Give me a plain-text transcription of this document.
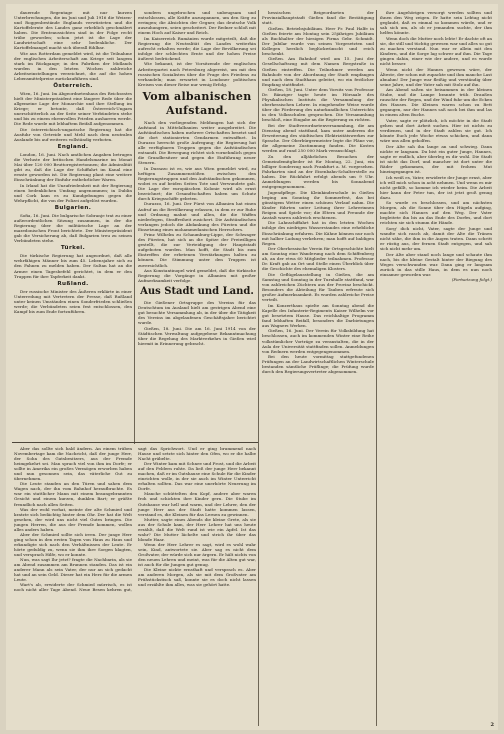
dauernde Regentage mit nur kurzen Unterbrechungen, die im Juni und Juli 1916 die Weizen- und Roggenbestände Englands verwüsteten und die Kartoffelernte des Landes ganz erheblich geschmälert haben. Die Ernteaussichten sind in der Folge recht trübe geworden; schon jetzt ist die Lage der Landwirtschaft eine sehr bedenkliche. Der Kartoffelmangel macht sich überall fühlbar.

Wie aus Rotterdam gemeldet wird, ist die Teilnahme der englischen Arbeiterschaft am Kriege seit langem stark im Rückgange; in den Fabriken der Midlands wurden in den letzten Wochen zahlreiche Arbeitseinstellungen verzeichnet, die auf die hohen Lebensmittelpreise zurückzuführen sind.

Österreich.

Wien, 16. Juni. Im Abgeordnetenhaus des Reichsrates hielt der Ministerpräsident eine längere Rede über die allgemeine Lage der Monarchie und ihre Stellung im Kriege; er betonte, daß Österreich-Ungarn unerschütterlich an der Seite seiner Verbündeten stehe und bis zu einem ehrenvollen Frieden ausharren werde. Die Rede wurde mit lebhaftem Beifall aufgenommen.

Die österreichisch-ungarische Regierung hat die Ausfuhr von Getreide und Mehl nach dem neutralen Auslande bis auf weiteres vollständig verboten.

England.

London, 16. Juni. Nach amtlichen Angaben betrugen die Verluste der britischen Handelsmarine im Monat Mai über 120 000 Bruttoregistertonnen; die Admiralität gibt zu, daß die Lage der Schiffahrt im Kanal eine ernste geworden ist. Die Regierung plant eine weitere Einschränkung der Einfuhr entbehrlicher Waren.

In Irland hat die Unzufriedenheit mit der Regierung einen bedenklichen Umfang angenommen; in Dublin und Cork kam es zu Kundgebungen gegen die Wehrpflicht, die von der Polizei aufgelöst wurden.

Bulgarien.

Sofia, 16. Juni. Die bulgarische Sobranje trat zu einer außerordentlichen Sitzung zusammen, in der die Regierung über die militärische Lage an der mazedonischen Front berichtete. Der Ministerpräsident gab die Versicherung ab, daß Bulgarien treu zu seinen Verbündeten stehe.

Türkei.

Die türkische Regierung hat angeordnet, daß alle wehrfähigen Männer bis zum 45. Lebensjahre sich zu den Fahnen zu melden haben. Der Sultan hat an die Armee einen Tagesbefehl gerichtet, in dem er den Truppen für ihre Tapferkeit dankt.

Rußland.

Der russische Minister des Äußeren erklärte in einer Unterredung mit Vertretern der Presse, daß Rußland unter keinen Umständen einen Sonderfrieden schließen werde; die Verbündeten seien fest entschlossen, den Kampf bis zum Ende fortzuführen.

sondern ungebrochen und unbeugsam und entschlossen, alle Kräfte anzuspannen, um den Sieg zu erringen; die Absichten der Gegner, das deutsche Volk auszuhungern, seien gescheitert. Der Redner schloß mit einem Hoch auf Kaiser und Reich.

Im Kaiserreich Rumänien wurde mitgeteilt, daß die Regierung die Neutralität des Landes weiterhin aufrecht erhalten werde; die Lage der Bevölkerung sei infolge der schlechten Ernte und der hohen Preise äußerst bedrückend.

Wie bekannt, ist der Vorsitzende der englischen Arbeiterpartei nach Petersburg abgereist, um mit den russischen Sozialisten über die Frage des Friedens zu verhandeln; man erwartet in Londoner politischen Kreisen von dieser Reise nur wenig Erfolg.

Vom albanischen Aufstand.

Nach den vorliegenden Meldungen hat sich der Aufstand in Mittelalbanien weiter ausgebreitet. Die Aufständischen haben mehrere Ortschaften besetzt und die dort stationierten Gendarmen entwaffnet. In Durazzo herrscht große Aufregung; die Regierung hat alle verfügbaren Truppen gegen die Aufständischen entsandt. Die Bewegung richtet sich vornehmlich gegen die Grundbesitzer und gegen die Einführung neuer Steuern.

In Durazzo ist es, wie aus Wien gemeldet wird, zu heftigen Zusammenstößen zwischen den Regierungstruppen und den Aufständischen gekommen, wobei es auf beiden Seiten Tote und Verwundete gab. Die Lage der europäischen Kolonie wird als ernst bezeichnet; die Gesandtschaften haben um Schutz durch Kriegsschiffe gebeten.

Durazzo, 16. Juni. Der Fürst von Albanien hat einen Aufruf an die Bevölkerung erlassen, in dem er zur Ruhe und Ordnung mahnt und allen, die die Waffen niederlegen, Straffreiheit zusichert. Die Aufständischen verlangen jedoch die Abdankung des Fürsten und die Einsetzung eines mohammedanischen Herrschers.

Prinz Wilhelm zu Schaumburg-Lippe, der Schwager des Fürsten, hat sich an die Spitze der Freiwilligen gestellt, die zur Verteidigung der Hauptstadt aufgeboten wurden. Man hofft, die Stadt bis zum Eintreffen der erbetenen Verstärkungen halten zu können. Die Stimmung unter den Truppen ist zuversichtlich.

Aus Konstantinopel wird gemeldet, daß die türkische Regierung die Vorgänge in Albanien mit großer Aufmerksamkeit verfolge.

Aus Stadt und Land.

Die Gießener Ortsgruppe des Vereins für das Deutschtum im Ausland hielt am gestrigen Abend eine gut besuchte Versammlung ab, in der über die Tätigkeit des Vereins im abgelaufenen Geschäftsjahre berichtet wurde.

Gießen, 18. Juni. Die am 16. Juni 1914 von der Städtischen Verwaltung aufgegebene Bekanntmachung über die Regelung des Marktverkehrs in Gießen wird hiermit in Erinnerung gebracht.

hessischen Beigeordneten der Provinzialhauptstadt Gießen fand die Bestätigung statt.

Gießen. Betriebsjubiläum. Herr Fr. Paul Halfe in Gießen feierte am Montag sein 25jähriges Jubiläum als Buchhalter der hiesigen Firma Gebr. Schmidt. Der Jubilar wurde von seinen Vorgesetzten und Kollegen herzlich beglückwünscht und reich beschenkt.

Gießen. Am Bahnhof wird am 15. Juni der Gesellschaftszug mit dem Namen Bergstraße in Gießen eintreffen. Die Teilnehmer werden am Bahnhofe von der Abordnung der Stadt empfangen und nach dem Stadthaus geleitet, wo ein festlicher Empfang stattfindet.

Gießen, 18. Juni. Unter dem Vorsitz von Professor Dr. Bänziger tagte heute im Hörsaale des Physikalischen Instituts die Versammlung der oberhessischen Lehrer. In eingehender Weise wurde über die Förderung des naturkundlichen Unterrichts in den Volksschulen gesprochen. Die Versammlung beschloß, eine Eingabe an die Regierung zu richten.

Bei der Stadtverordnetenversammlung, die am Dienstag abend stattfand, kam unter anderem die Erweiterung des städtischen Elektrizitätswerkes zur Sprache. Der Oberbürgermeister legte die Pläne vor, die allgemeine Zustimmung fanden. Die Kosten werden auf rund 250 000 Mark veranschlagt.

Zu den alljährlichen Besuchen der Gemeindemitglieder ist für Montag, 22. Juni, ein billiger Sonderzug nach Frankfurt a. M. vorgesehen. Fahrkarten sind an der Eisenbahn-Schalterstelle zu haben. Die Rückfahrt erfolgt abends um 9 Uhr. Anmeldungen werden bis Sonnabend entgegengenommen.

Jugendpflege. Die Kleinkinderschule in Gießen beging am Sonntag ihr Sommerfest, das bei günstigem Wetter einen schönen Verlauf nahm. Die Kinder führten unter Leitung ihrer Lehrerinnen Reigen und Spiele vor; die Eltern und Freunde der Anstalt waren zahlreich erschienen.

Die Lahnschiffahrt hat in den letzten Wochen infolge des niedrigen Wasserstandes eine erhebliche Einschränkung erfahren. Die Kähne können nur noch mit halber Ladung verkehren; man hofft auf baldigen Regen.

Der Oberhessische Verein für Ortsgeschichte hielt am Sonntag eine Wanderung nach dem Schiffenberg ab, an der etwa 60 Mitglieder teilnahmen. Professor Dr. Kraft gab an Ort und Stelle einen Überblick über die Geschichte des ehemaligen Klosters.

Die Geflügelausstellung in Gießen, die am Samstag und Sonntag in der Turnhalle stattfand, war von zahlreichen Züchtern aus der Provinz beschickt. Besonders die Abteilung für Tauben erfreute sich großer Aufmerksamkeit. Es wurden zahlreiche Preise verteilt.

Im Konzerthaus spielte am Sonntag abend die Kapelle des Infanterie-Regiments Kaiser Wilhelm vor gut besetztem Hause. Das reichhaltige Programm fand lebhaften Beifall, besonders die Darbietungen aus Wagners Werken.

Gießen, 16. Juni. Der Verein für Volksbildung hat beschlossen, auch im kommenden Winter eine Reihe volkstümlicher Vorträge zu veranstalten, die in der Aula der Universität stattfinden sollen. Anmeldungen von Rednern werden entgegengenommen.

Bei den heute vormittag stattgefundenen Prüfungen an der Landwirtschaftlichen Winterschule bestanden sämtliche Prüflinge; die Prüfung wurde durch den Regierungsvertreter abgenommen.

ihre Angehörigen versorgt werden sollten und ihnen den Weg zeigen. Er hatte sein Lebtag nicht geglaubt, daß es einmal so kommen würde, und er sah sich um, als ob er jemanden suchte, der ihm helfen könnte.

Wenn doch die Mutter noch lebte! Er dachte oft an sie, die still und tüchtig gewesen war und alles so gut zu machen verstand. Nun war er allein mit den Kindern, und die Sorge lag schwer auf ihm. Die Tage gingen dahin, einer wie der andere, und es wurde nicht besser.

Wenn nicht der Hannes gewesen wäre, der Älteste, der schon mit zupackte und ihm manche Last abnahm! Der Junge war fleißig und verständig über seine Jahre, und der Vater sah mit Stolz auf ihn.

Am Abend saßen sie beisammen in der kleinen Stube, und die Lampe brannte trüb. Draußen rauschte der Regen, und der Wind fuhr um die Ecken des Hauses. Die Kleinen waren schon zu Bett gegangen, nur der Hannes saß noch bei ihm und las in einem alten Buche.

Vater, sagte er plötzlich, ich möchte in die Stadt gehen und dort Arbeit suchen. Hier ist nichts zu verdienen, und in der Stadt zahlen sie gut. Ich könnte Euch jede Woche etwas schicken, und dann wäre uns allen geholfen.

Der Alte sah ihn lange an und schwieg. Dann nickte er langsam. Du bist ein guter Junge, Hannes, sagte er endlich, aber überleg es dir wohl. Die Stadt ist nicht das Dorf, und mancher ist dort unter die Räder gekommen, der mit frohem Mut hineingegangen ist.

Ich weiß es, Vater, erwiderte der Junge ernst, aber ich will mich schon in acht nehmen. Und wenn es mir nicht gefällt, so komme ich wieder heim. Die Arbeit hier kann der Peter tun, der ist jetzt groß genug dazu.

So wurde es beschlossen, und am nächsten Morgen, als die Sonne über den Hügeln aufging, machte sich Hannes auf den Weg. Der Vater begleitete ihn bis an das Ende des Dorfes, und dort reichten sie sich stumm die Hände.

Sorg' dich nicht, Vater, sagte der Junge und wandte sich rasch ab, damit der Alte die Tränen nicht sähe, die ihm in die Augen traten. Dann schritt er rüstig aus, der fernen Stadt entgegen, und sah sich nicht mehr um.

Der Alte aber stand noch lange und schaute ihm nach, bis die kleine Gestalt hinter der Biegung des Weges verschwunden war. Dann ging er langsam zurück in das stille Haus, in dem es nun noch einsamer geworden war.

(Fortsetzung folgt.)

Aber das sollte sich bald ändern. An einem trüben Novembertage kam die Nachricht, daß der junge Herr, der Sohn des Gutsbesitzers, aus der Fremde heimgekehrt sei. Man sprach viel von ihm im Dorfe; er sollte in Amerika ein großes Vermögen erworben haben und nun gesonnen sein, das väterliche Gut zu übernehmen.

Die Leute standen an den Türen und sahen dem Wagen nach, der ihn vom Bahnhof heraufbrachte. Es war ein stattlicher Mann mit einem braungebrannten Gesicht und einem kurzen, dunklen Bart; er grüßte freundlich nach allen Seiten.

Was der wohl vorhat, meinte der alte Schmied und kratzte sich bedächtig hinter dem Ohr. Der hat die Welt gesehen, der wird uns nicht viel Gutes bringen. Die jungen Herren, die aus der Fremde kommen, wollen alles anders haben.

Aber der Schmied sollte sich irren. Der junge Herr ging schon in den ersten Tagen von Haus zu Haus und erkundigte sich nach den Verhältnissen der Leute. Er hörte geduldig zu, wenn sie ihm ihre Sorgen klagten, und versprach Hilfe, wo er konnte.

Nun, was sagt Ihr jetzt? fragte die Nachbarin, als sie am Abend zusammen am Brunnen standen. Das ist ein anderer Mann als sein Vater, der nur an sich gedacht hat und an sein Geld. Dieser hat ein Herz für die armen Leute.

Wart's ab, erwiderte der Schmied mürrisch, es ist noch nicht aller Tage Abend. Neue Besen kehren gut, sagt das Sprichwort. Und er ging brummend nach Hause und setzte sich hinter den Ofen, wo er die halbe Nacht grübelte.

Der Winter kam mit Schnee und Frost, und die Arbeit auf den Feldern ruhte. Da ließ der junge Herr bekannt machen, daß er im Gutshause eine Schule für die Kinder einrichten wolle, in der sie auch im Winter Unterricht erhalten sollten. Das war eine unerhörte Neuerung im Dorfe.

Manche schüttelten den Kopf, andere aber waren froh und schickten ihre Kinder gern. Die Stube im Gutshause war hell und warm, und der Lehrer, den der junge Herr aus der Stadt hatte kommen lassen, verstand es, die Kleinen für das Lernen zu gewinnen.

Mutter, sagte eines Abends die kleine Grete, als sie aus der Schule kam, der Herr Lehrer hat uns heute erzählt, daß die Welt rund ist wie ein Apfel. Ist das wahr? Die Mutter lächelte und strich ihr über das blonde Haar.

Wenn der Herr Lehrer es sagt, wird es wohl wahr sein, Kind, antwortete sie. Aber sag es nicht dem Großvater, der würde sich nur ärgern. Er hält nichts von den neuen Lehren und meint, was für die Alten gut war, ist auch für die Jungen gut genug.

Die Kleine nickte ernsthaft und versprach es. Aber am anderen Morgen, als sie mit dem Großvater am Frühstückstisch saß, konnte sie es doch nicht lassen und erzählte ihm alles, was sie gehört hatte.

2
